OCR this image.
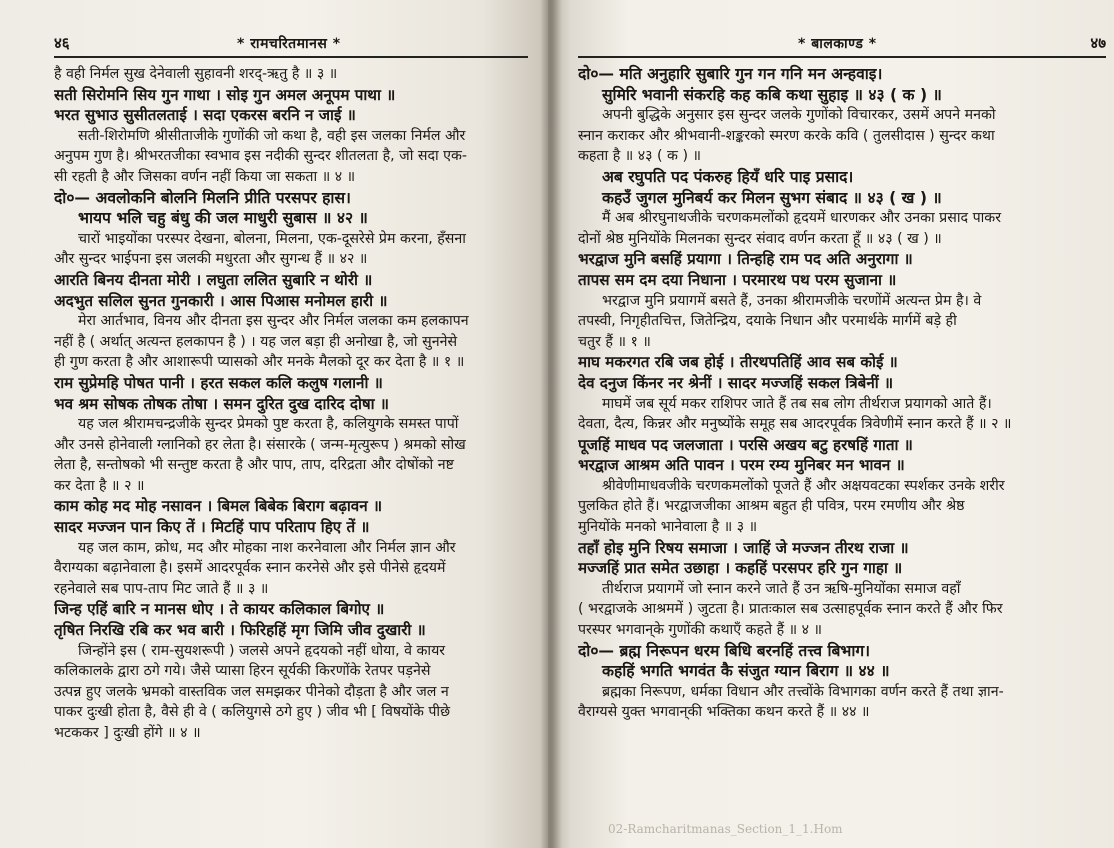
४६	* रामचरितमानस *
है वही निर्मल सुख देनेवाली सुहावनी शरद्-ऋतु है ॥ ३ ॥
सती सिरोमनि सिय गुन गाथा । सोइ गुन अमल अनूपम पाथा ॥
भरत सुभाउ सुसीतलताई । सदा एकरस बरनि न जाई ॥
सती-शिरोमणि श्रीसीताजीके गुणोंकी जो कथा है, वही इस जलका निर्मल और
अनुपम गुण है। श्रीभरतजीका स्वभाव इस नदीकी सुन्दर शीतलता है, जो सदा एक-
सी रहती है और जिसका वर्णन नहीं किया जा सकता ॥ ४ ॥
दो०— अवलोकनि बोलनि मिलनि प्रीति परसपर हास।
भायप भलि चहु बंधु की जल माधुरी सुबास ॥ ४२ ॥
चारों भाइयोंका परस्पर देखना, बोलना, मिलना, एक-दूसरेसे प्रेम करना, हँसना
और सुन्दर भाईपना इस जलकी मधुरता और सुगन्ध हैं ॥ ४२ ॥
आरति बिनय दीनता मोरी । लघुता ललित सुबारि न थोरी ॥
अदभुत सलिल सुनत गुनकारी । आस पिआस मनोमल हारी ॥
मेरा आर्तभाव, विनय और दीनता इस सुन्दर और निर्मल जलका कम हलकापन
नहीं है ( अर्थात् अत्यन्त हलकापन है ) । यह जल बड़ा ही अनोखा है, जो सुननेसे
ही गुण करता है और आशारूपी प्यासको और मनके मैलको दूर कर देता है ॥ १ ॥
राम सुप्रेमहि पोषत पानी । हरत सकल कलि कलुष गलानी ॥
भव श्रम सोषक तोषक तोषा । समन दुरित दुख दारिद दोषा ॥
यह जल श्रीरामचन्द्रजीके सुन्दर प्रेमको पुष्ट करता है, कलियुगके समस्त पापों
और उनसे होनेवाली ग्लानिको हर लेता है। संसारके ( जन्म-मृत्युरूप ) श्रमको सोख
लेता है, सन्तोषको भी सन्तुष्ट करता है और पाप, ताप, दरिद्रता और दोषोंको नष्ट
कर देता है ॥ २ ॥
काम कोह मद मोह नसावन । बिमल बिबेक बिराग बढ़ावन ॥
सादर मज्जन पान किए तें । मिटहिं पाप परिताप हिए तें ॥
यह जल काम, क्रोध, मद और मोहका नाश करनेवाला और निर्मल ज्ञान और
वैराग्यका बढ़ानेवाला है। इसमें आदरपूर्वक स्नान करनेसे और इसे पीनेसे हृदयमें
रहनेवाले सब पाप-ताप मिट जाते हैं ॥ ३ ॥
जिन्ह एहिं बारि न मानस धोए । ते कायर कलिकाल बिगोए ॥
तृषित निरखि रबि कर भव बारी । फिरिहहिं मृग जिमि जीव दुखारी ॥
जिन्होंने इस ( राम-सुयशरूपी ) जलसे अपने हृदयको नहीं धोया, वे कायर
कलिकालके द्वारा ठगे गये। जैसे प्यासा हिरन सूर्यकी किरणोंके रेतपर पड़नेसे
उत्पन्न हुए जलके भ्रमको वास्तविक जल समझकर पीनेको दौड़ता है और जल न
पाकर दुःखी होता है, वैसे ही वे ( कलियुगसे ठगे हुए ) जीव भी [ विषयोंके पीछे
भटककर ] दुःखी होंगे ॥ ४ ॥
* बालकाण्ड *	४७
दो०— मति अनुहारि सुबारि गुन गन गनि मन अन्हवाइ।
सुमिरि भवानी संकरहि कह कबि कथा सुहाइ ॥ ४३ ( क ) ॥
अपनी बुद्धिके अनुसार इस सुन्दर जलके गुणोंको विचारकर, उसमें अपने मनको
स्नान कराकर और श्रीभवानी-शङ्करको स्मरण करके कवि ( तुलसीदास ) सुन्दर कथा
कहता है ॥ ४३ ( क ) ॥
अब रघुपति पद पंकरुह हियँ धरि पाइ प्रसाद।
कहउँ जुगल मुनिबर्य कर मिलन सुभग संबाद ॥ ४३ ( ख ) ॥
मैं अब श्रीरघुनाथजीके चरणकमलोंको हृदयमें धारणकर और उनका प्रसाद पाकर
दोनों श्रेष्ठ मुनियोंके मिलनका सुन्दर संवाद वर्णन करता हूँ ॥ ४३ ( ख ) ॥
भरद्वाज मुनि बसहिं प्रयागा । तिन्हहि राम पद अति अनुरागा ॥
तापस सम दम दया निधाना । परमारथ पथ परम सुजाना ॥
भरद्वाज मुनि प्रयागमें बसते हैं, उनका श्रीरामजीके चरणोंमें अत्यन्त प्रेम है। वे
तपस्वी, निगृहीतचित्त, जितेन्द्रिय, दयाके निधान और परमार्थके मार्गमें बड़े ही
चतुर हैं ॥ १ ॥
माघ मकरगत रबि जब होई । तीरथपतिहिं आव सब कोई ॥
देव दनुज किंनर नर श्रेनीं । सादर मज्जहिं सकल त्रिबेनीं ॥
माघमें जब सूर्य मकर राशिपर जाते हैं तब सब लोग तीर्थराज प्रयागको आते हैं।
देवता, दैत्य, किन्नर और मनुष्योंके समूह सब आदरपूर्वक त्रिवेणीमें स्नान करते हैं ॥ २ ॥
पूजहिं माधव पद जलजाता । परसि अखय बटु हरषहिं गाता ॥
भरद्वाज आश्रम अति पावन । परम रम्य मुनिबर मन भावन ॥
श्रीवेणीमाधवजीके चरणकमलोंको पूजते हैं और अक्षयवटका स्पर्शकर उनके शरीर
पुलकित होते हैं। भरद्वाजजीका आश्रम बहुत ही पवित्र, परम रमणीय और श्रेष्ठ
मुनियोंके मनको भानेवाला है ॥ ३ ॥
तहाँ होइ मुनि रिषय समाजा । जाहिं जे मज्जन तीरथ राजा ॥
मज्जहिं प्रात समेत उछाहा । कहहिं परसपर हरि गुन गाहा ॥
तीर्थराज प्रयागमें जो स्नान करने जाते हैं उन ऋषि-मुनियोंका समाज वहाँ
( भरद्वाजके आश्रममें ) जुटता है। प्रातःकाल सब उत्साहपूर्वक स्नान करते हैं और फिर
परस्पर भगवान्‌के गुणोंकी कथाएँ कहते हैं ॥ ४ ॥
दो०— ब्रह्म निरूपन धरम बिधि बरनहिं तत्त्व बिभाग।
कहहिं भगति भगवंत कै संजुत ग्यान बिराग ॥ ४४ ॥
ब्रह्मका निरूपण, धर्मका विधान और तत्त्वोंके विभागका वर्णन करते हैं तथा ज्ञान-
वैराग्यसे युक्त भगवान्‌की भक्तिका कथन करते हैं ॥ ४४ ॥
02-Ramcharitmanas_Section_1_1.Hom
